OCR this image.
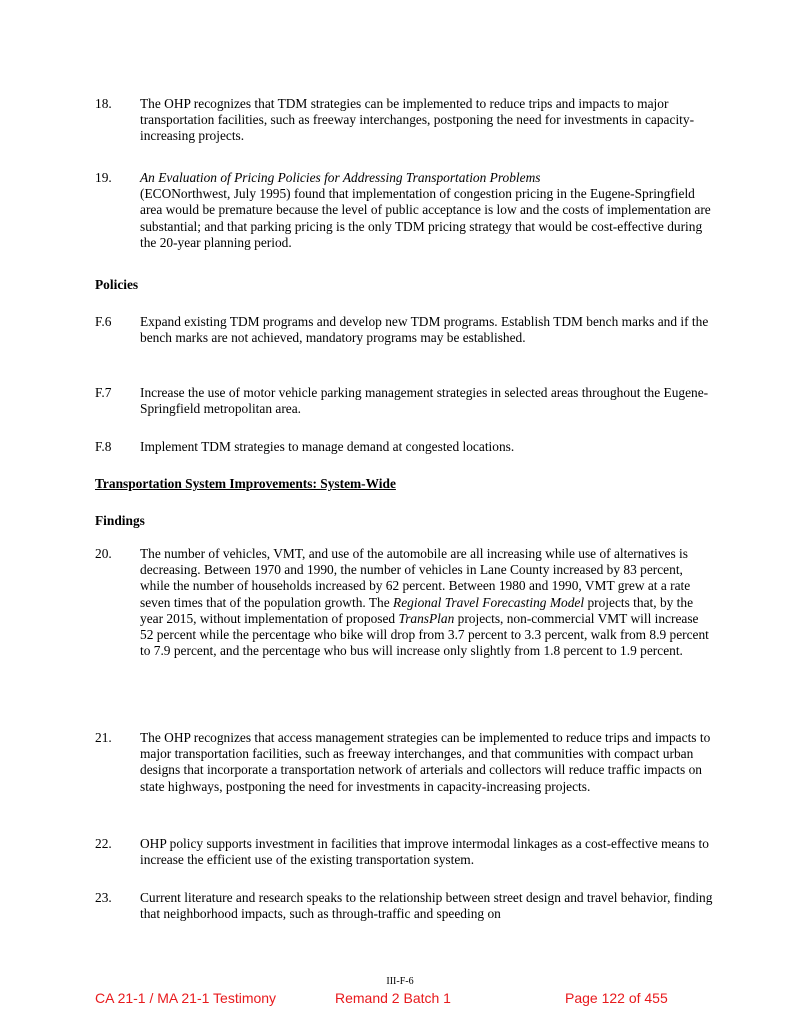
18.	The OHP recognizes that TDM strategies can be implemented to reduce trips and impacts to major transportation facilities, such as freeway interchanges, postponing the need for investments in capacity-increasing projects.
19.	An Evaluation of Pricing Policies for Addressing Transportation Problems
(ECONorthwest, July 1995) found that implementation of congestion pricing in the Eugene-Springfield area would be premature because the level of public acceptance is low and the costs of implementation are substantial; and that parking pricing is the only TDM pricing strategy that would be cost-effective during the 20-year planning period.
Policies
F.6	Expand existing TDM programs and develop new TDM programs. Establish TDM bench marks and if the bench marks are not achieved, mandatory programs may be established.
F.7	Increase the use of motor vehicle parking management strategies in selected areas throughout the Eugene-Springfield metropolitan area.
F.8	Implement TDM strategies to manage demand at congested locations.
Transportation System Improvements: System-Wide
Findings
20.	The number of vehicles, VMT, and use of the automobile are all increasing while use of alternatives is decreasing. Between 1970 and 1990, the number of vehicles in Lane County increased by 83 percent, while the number of households increased by 62 percent. Between 1980 and 1990, VMT grew at a rate seven times that of the population growth. The Regional Travel Forecasting Model projects that, by the year 2015, without implementation of proposed TransPlan projects, non-commercial VMT will increase 52 percent while the percentage who bike will drop from 3.7 percent to 3.3 percent, walk from 8.9 percent to 7.9 percent, and the percentage who bus will increase only slightly from 1.8 percent to 1.9 percent.
21.	The OHP recognizes that access management strategies can be implemented to reduce trips and impacts to major transportation facilities, such as freeway interchanges, and that communities with compact urban designs that incorporate a transportation network of arterials and collectors will reduce traffic impacts on state highways, postponing the need for investments in capacity-increasing projects.
22.	OHP policy supports investment in facilities that improve intermodal linkages as a cost-effective means to increase the efficient use of the existing transportation system.
23.	Current literature and research speaks to the relationship between street design and travel behavior, finding that neighborhood impacts, such as through-traffic and speeding on
III-F-6
CA 21-1 / MA 21-1 Testimony	Remand 2 Batch 1	Page 122 of 455
